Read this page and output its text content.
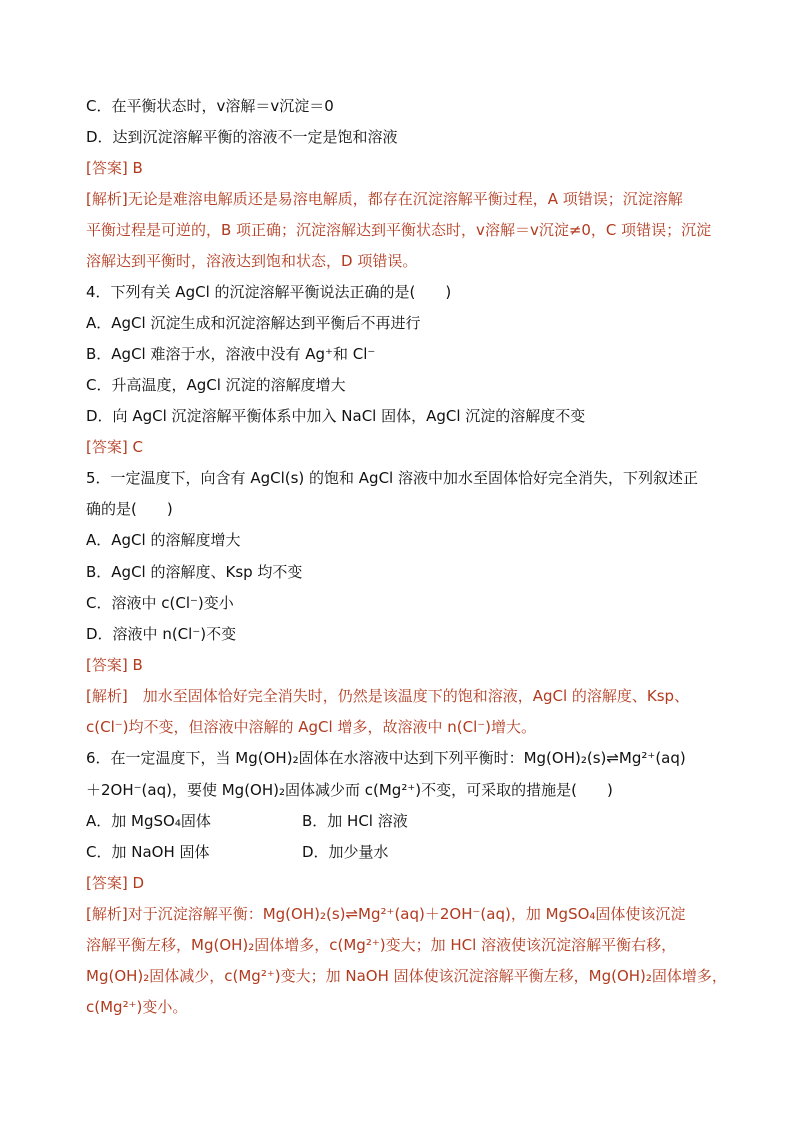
C．在平衡状态时，v溶解＝v沉淀＝0
D．达到沉淀溶解平衡的溶液不一定是饱和溶液
[答案] B
[解析]无论是难溶电解质还是易溶电解质，都存在沉淀溶解平衡过程，A 项错误；沉淀溶解
平衡过程是可逆的，B 项正确；沉淀溶解达到平衡状态时，v溶解＝v沉淀≠0，C 项错误；沉淀
溶解达到平衡时，溶液达到饱和状态，D 项错误。
4．下列有关 AgCl 的沉淀溶解平衡说法正确的是(　　)
A．AgCl 沉淀生成和沉淀溶解达到平衡后不再进行
B．AgCl 难溶于水，溶液中没有 Ag⁺和 Cl⁻
C．升高温度，AgCl 沉淀的溶解度增大
D．向 AgCl 沉淀溶解平衡体系中加入 NaCl 固体，AgCl 沉淀的溶解度不变
[答案] C
5．一定温度下，向含有 AgCl(s) 的饱和 AgCl 溶液中加水至固体恰好完全消失，下列叙述正
确的是(　　)
A．AgCl 的溶解度增大
B．AgCl 的溶解度、Ksp 均不变
C．溶液中 c(Cl⁻)变小
D．溶液中 n(Cl⁻)不变
[答案] B
[解析]　加水至固体恰好完全消失时，仍然是该温度下的饱和溶液，AgCl 的溶解度、Ksp、
c(Cl⁻)均不变，但溶液中溶解的 AgCl 增多，故溶液中 n(Cl⁻)增大。
6．在一定温度下，当 Mg(OH)₂固体在水溶液中达到下列平衡时：Mg(OH)₂(s)⇌Mg²⁺(aq)
＋2OH⁻(aq)，要使 Mg(OH)₂固体减少而 c(Mg²⁺)不变，可采取的措施是(　　)
A．加 MgSO₄固体	B．加 HCl 溶液
C．加 NaOH 固体	D．加少量水
[答案] D
[解析]对于沉淀溶解平衡：Mg(OH)₂(s)⇌Mg²⁺(aq)＋2OH⁻(aq)，加 MgSO₄固体使该沉淀
溶解平衡左移，Mg(OH)₂固体增多，c(Mg²⁺)变大；加 HCl 溶液使该沉淀溶解平衡右移，
Mg(OH)₂固体减少，c(Mg²⁺)变大；加 NaOH 固体使该沉淀溶解平衡左移，Mg(OH)₂固体增多，
c(Mg²⁺)变小。
